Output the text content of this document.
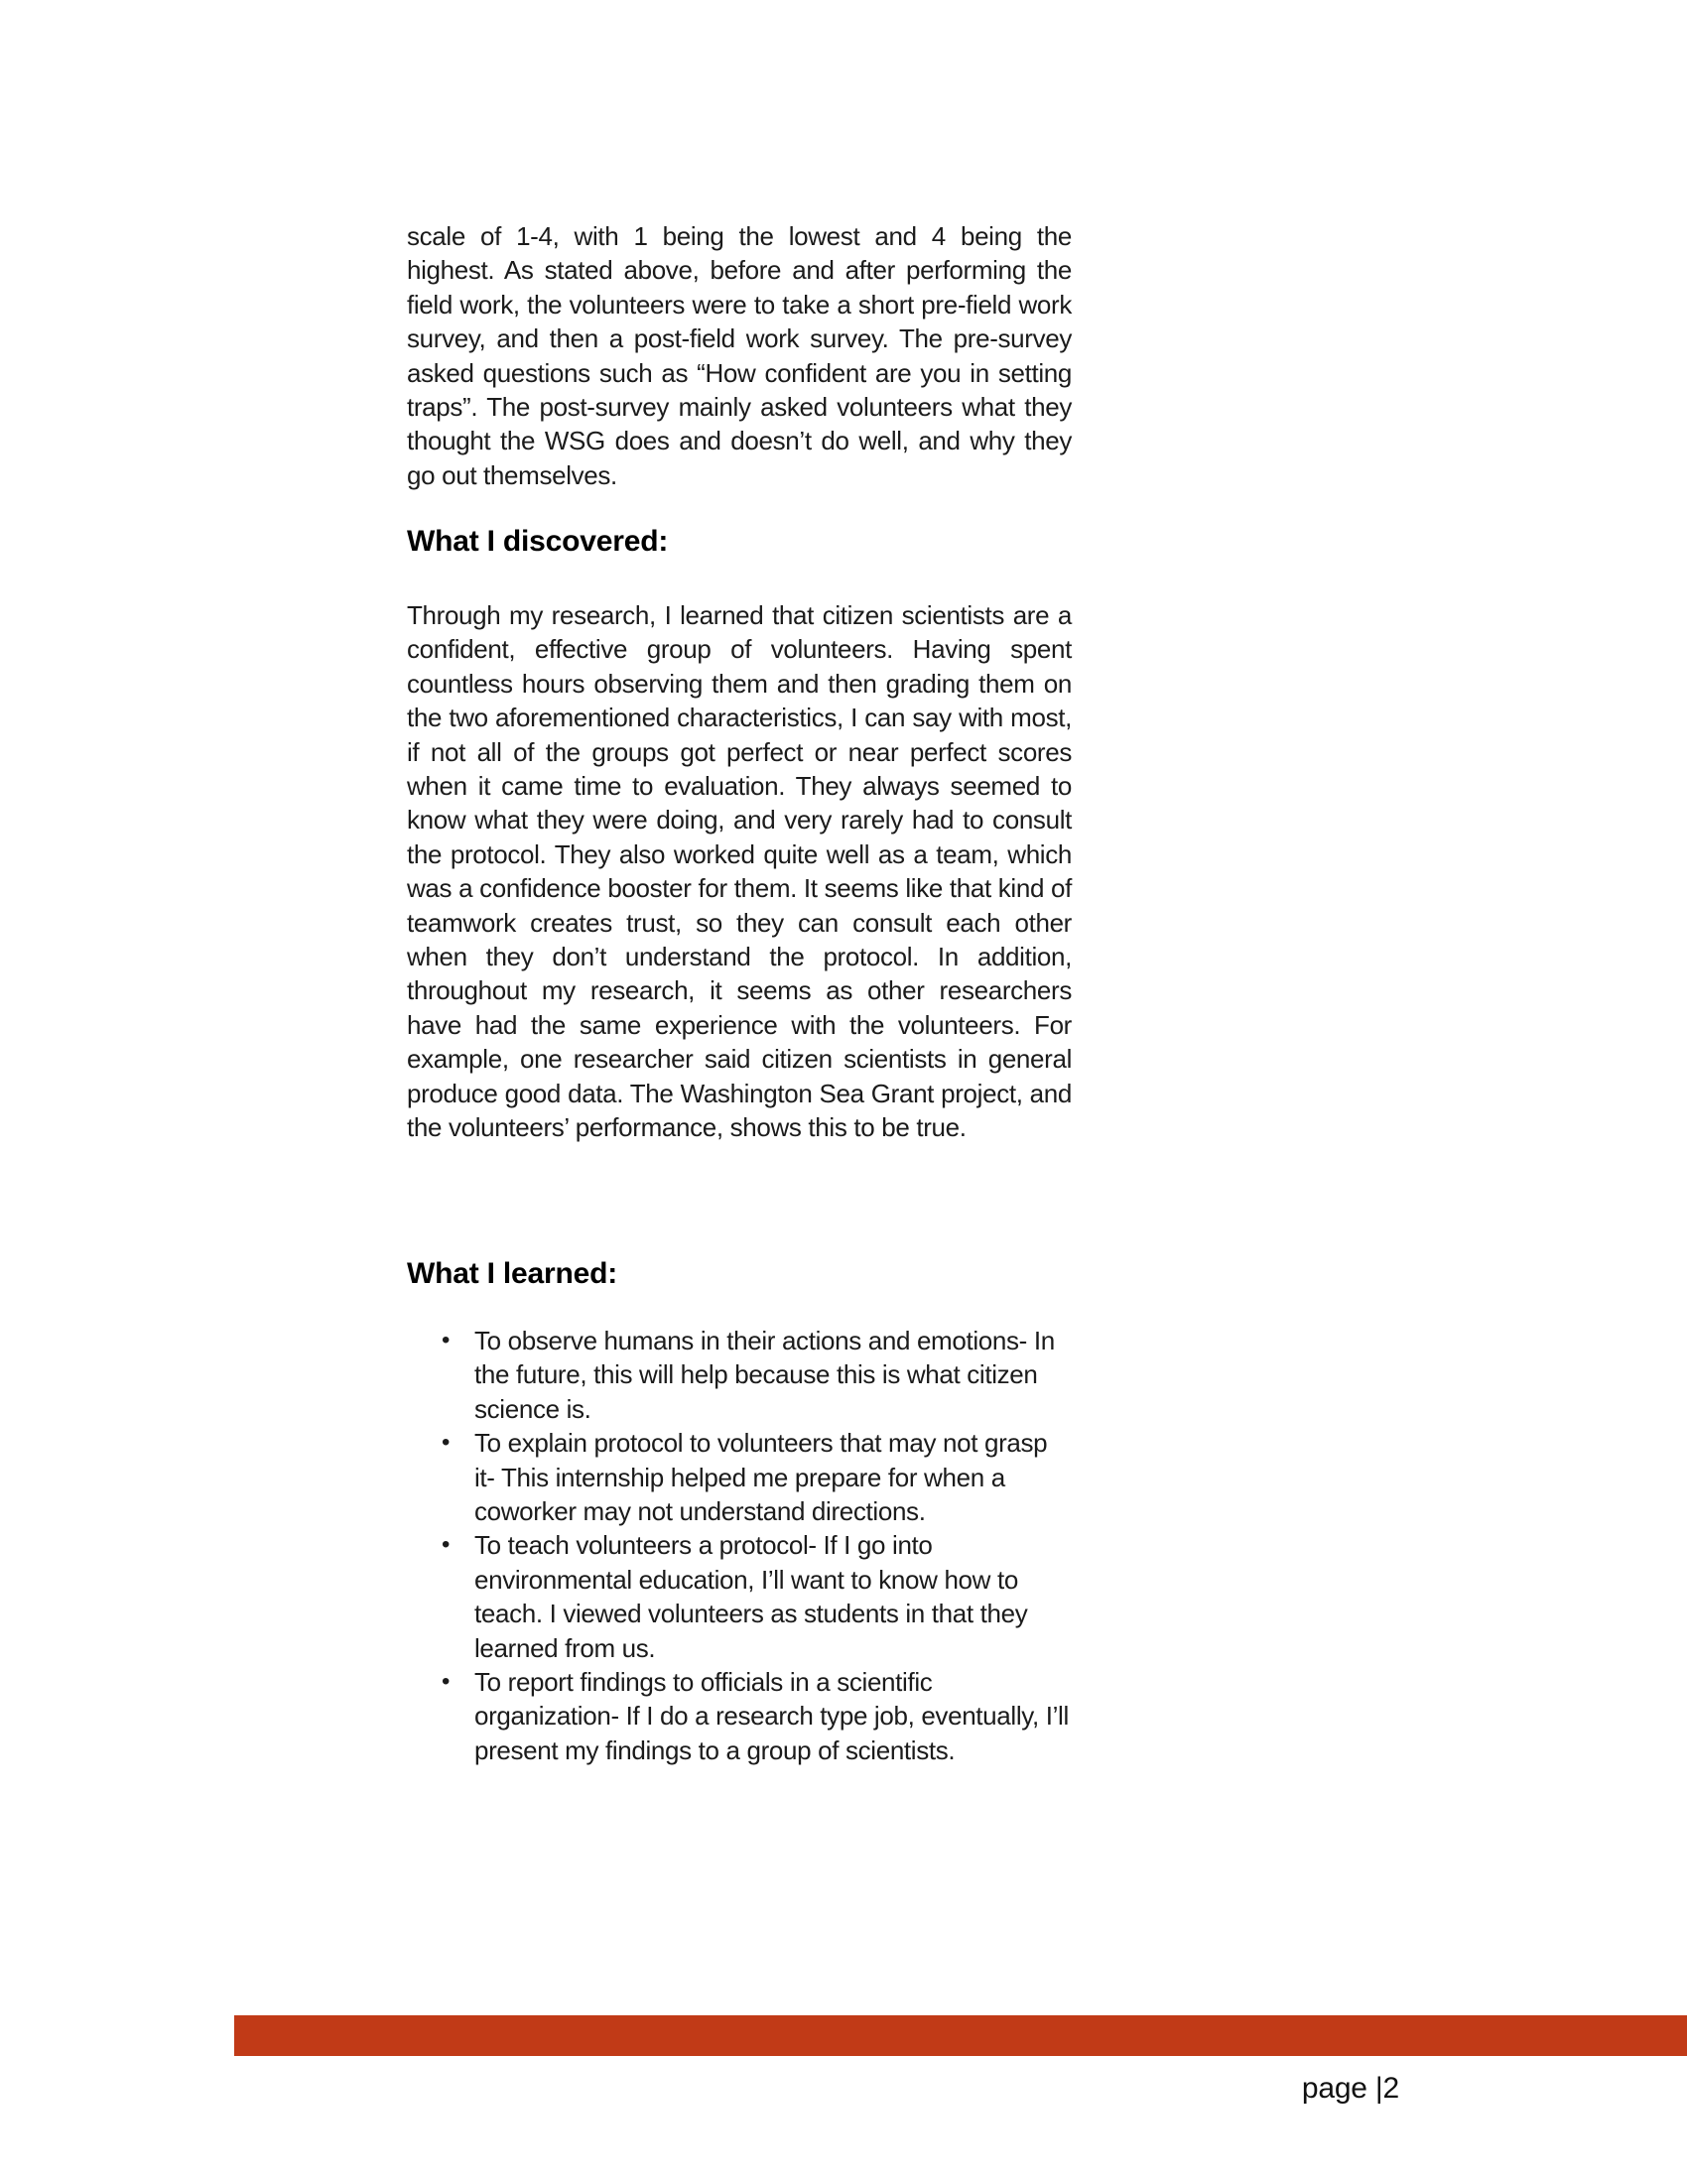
scale of 1-4, with 1 being the lowest and 4 being the highest. As stated above, before and after performing the field work, the volunteers were to take a short pre-field work survey, and then a post-field work survey. The pre-survey asked questions such as “How confident are you in setting traps”. The post-survey mainly asked volunteers what they thought the WSG does and doesn’t do well, and why they go out themselves.

What I discovered:

Through my research, I learned that citizen scientists are a confident, effective group of volunteers. Having spent countless hours observing them and then grading them on the two aforementioned characteristics, I can say with most, if not all of the groups got perfect or near perfect scores when it came time to evaluation. They always seemed to know what they were doing, and very rarely had to consult the protocol. They also worked quite well as a team, which was a confidence booster for them. It seems like that kind of teamwork creates trust, so they can consult each other when they don’t understand the protocol. In addition, throughout my research, it seems as other researchers have had the same experience with the volunteers. For example, one researcher said citizen scientists in general produce good data. The Washington Sea Grant project, and the volunteers’ performance, shows this to be true.

What I learned:
• To observe humans in their actions and emotions- In the future, this will help because this is what citizen science is.
• To explain protocol to volunteers that may not grasp it- This internship helped me prepare for when a coworker may not understand directions.
• To teach volunteers a protocol- If I go into environmental education, I’ll want to know how to teach. I viewed volunteers as students in that they learned from us.
• To report findings to officials in a scientific organization- If I do a research type job, eventually, I’ll present my findings to a group of scientists.
page |2
